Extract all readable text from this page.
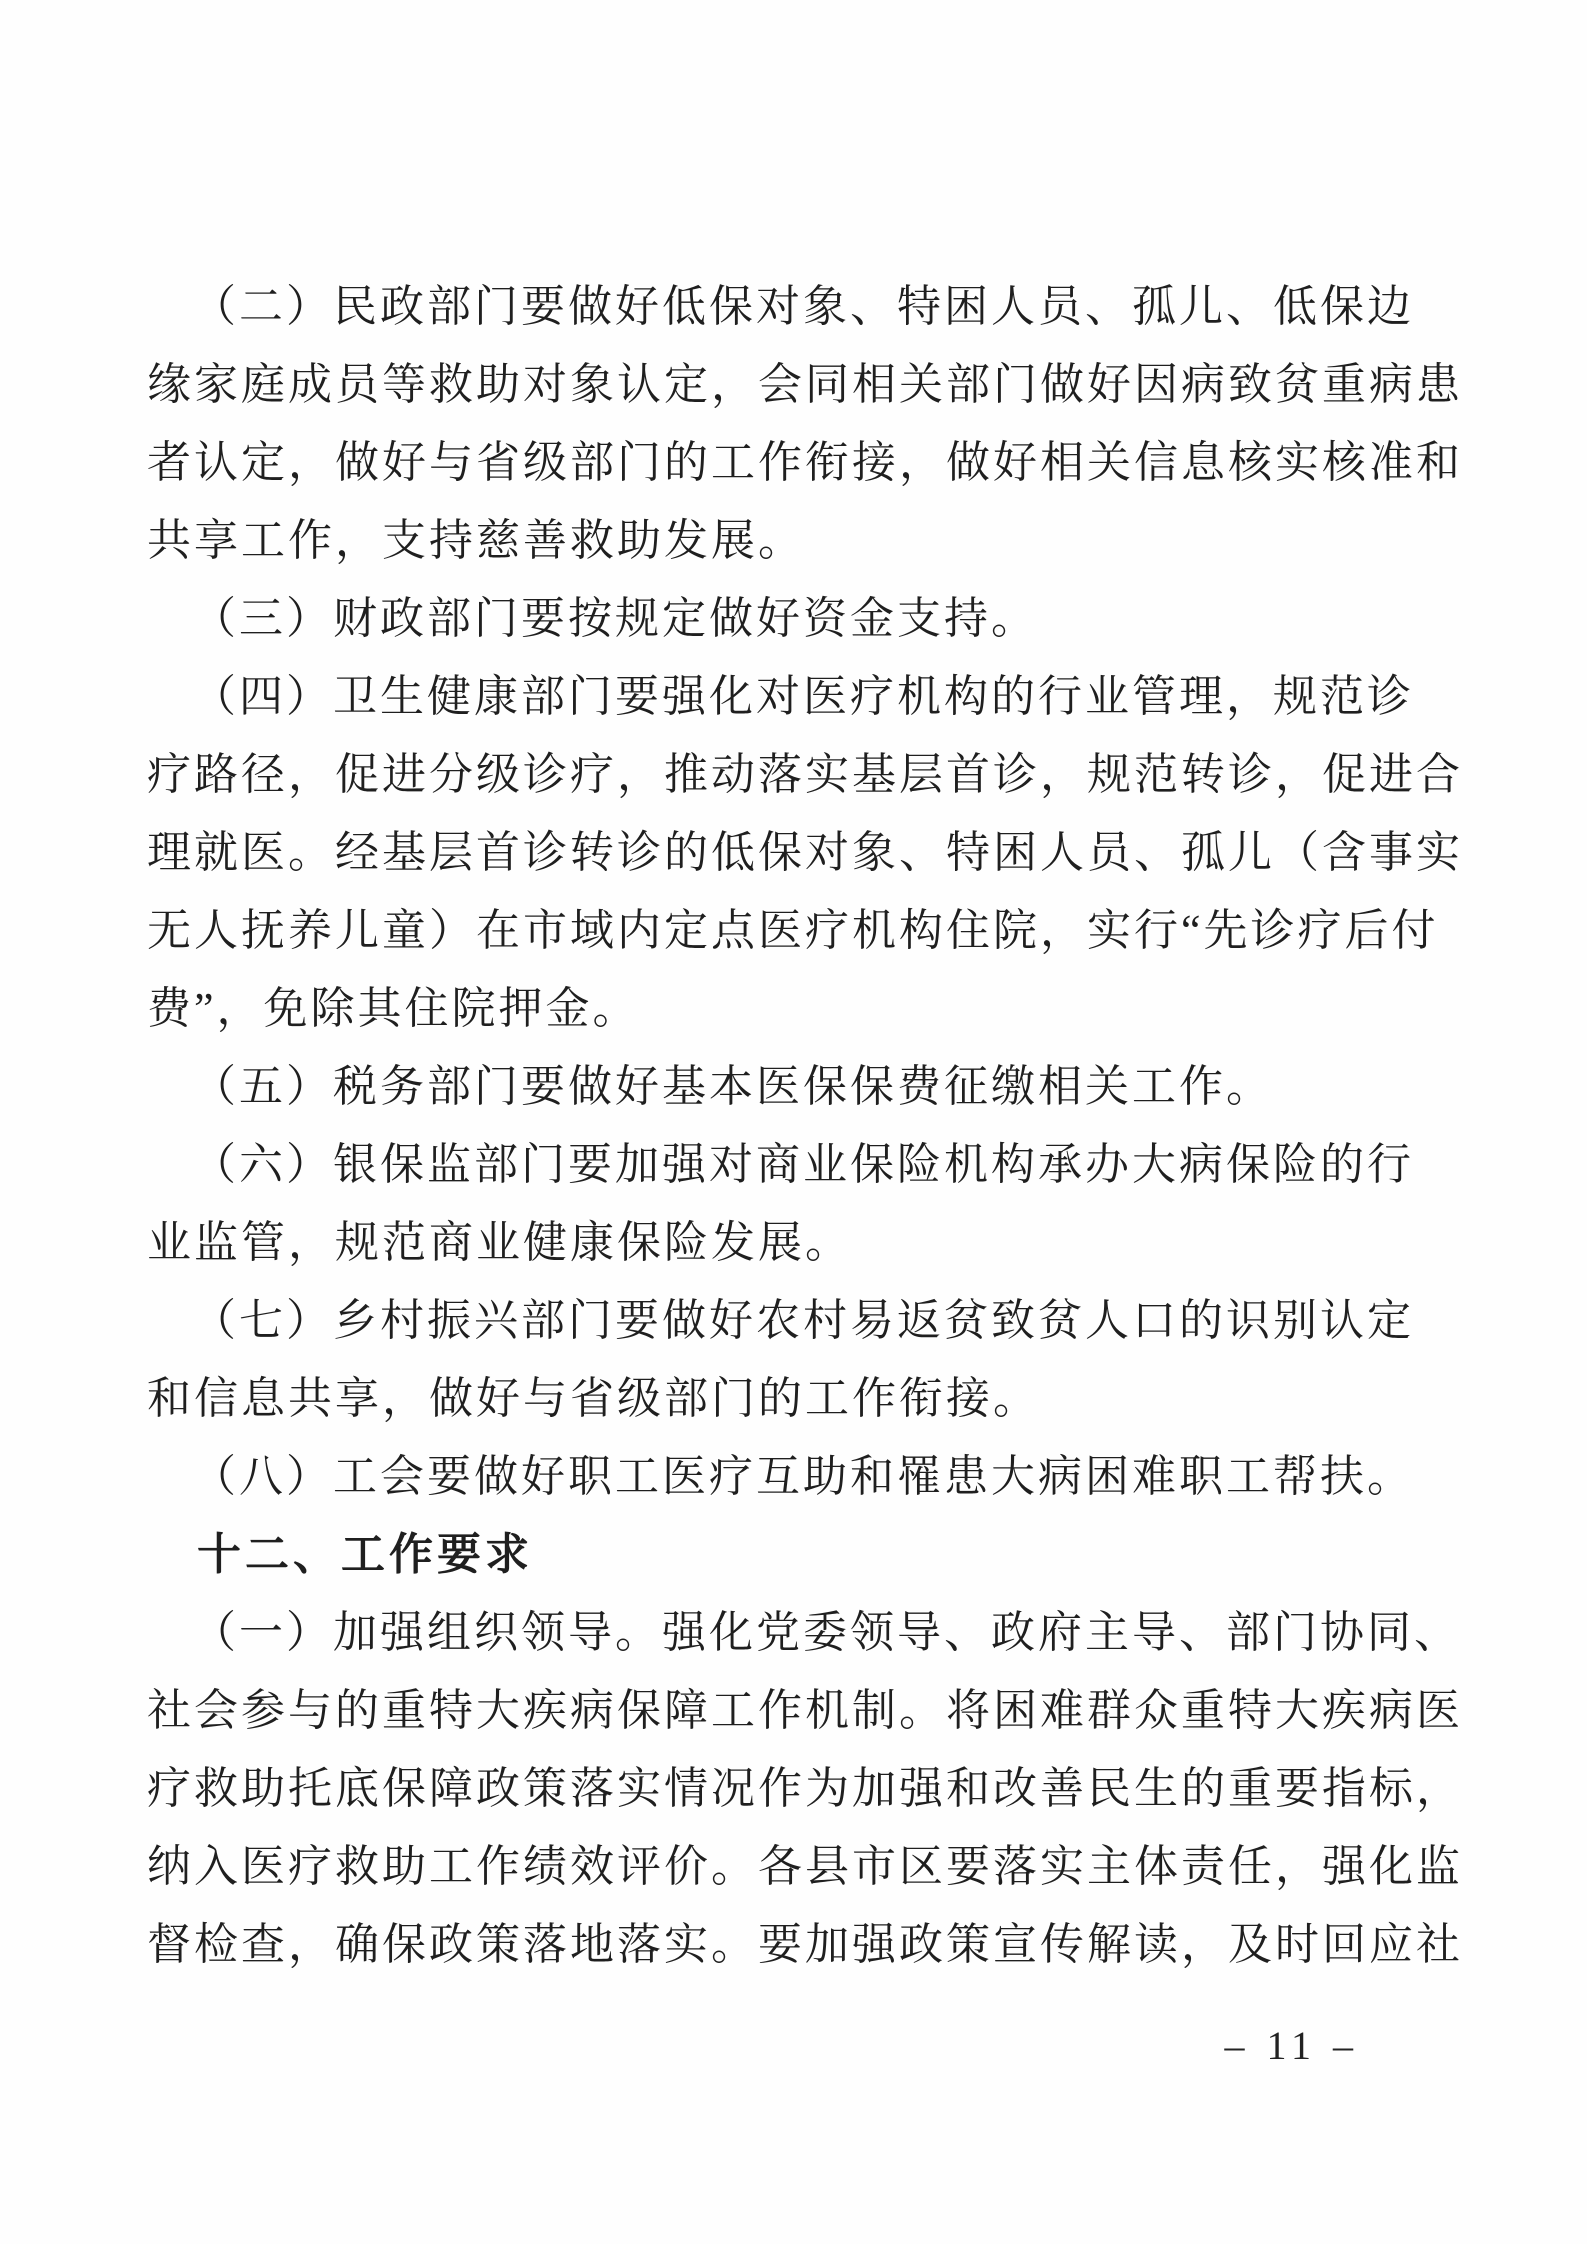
（二）民政部门要做好低保对象、特困人员、孤儿、低保边
缘家庭成员等救助对象认定，会同相关部门做好因病致贫重病患
者认定，做好与省级部门的工作衔接，做好相关信息核实核准和
共享工作，支持慈善救助发展。
（三）财政部门要按规定做好资金支持。
（四）卫生健康部门要强化对医疗机构的行业管理，规范诊
疗路径，促进分级诊疗，推动落实基层首诊，规范转诊，促进合
理就医。经基层首诊转诊的低保对象、特困人员、孤儿（含事实
无人抚养儿童）在市域内定点医疗机构住院，实行“先诊疗后付
费”，免除其住院押金。
（五）税务部门要做好基本医保保费征缴相关工作。
（六）银保监部门要加强对商业保险机构承办大病保险的行
业监管，规范商业健康保险发展。
（七）乡村振兴部门要做好农村易返贫致贫人口的识别认定
和信息共享，做好与省级部门的工作衔接。
（八）工会要做好职工医疗互助和罹患大病困难职工帮扶。
十二、工作要求
（一）加强组织领导。强化党委领导、政府主导、部门协同、
社会参与的重特大疾病保障工作机制。将困难群众重特大疾病医
疗救助托底保障政策落实情况作为加强和改善民生的重要指标，
纳入医疗救助工作绩效评价。各县市区要落实主体责任，强化监
督检查，确保政策落地落实。要加强政策宣传解读，及时回应社
– 11 –
